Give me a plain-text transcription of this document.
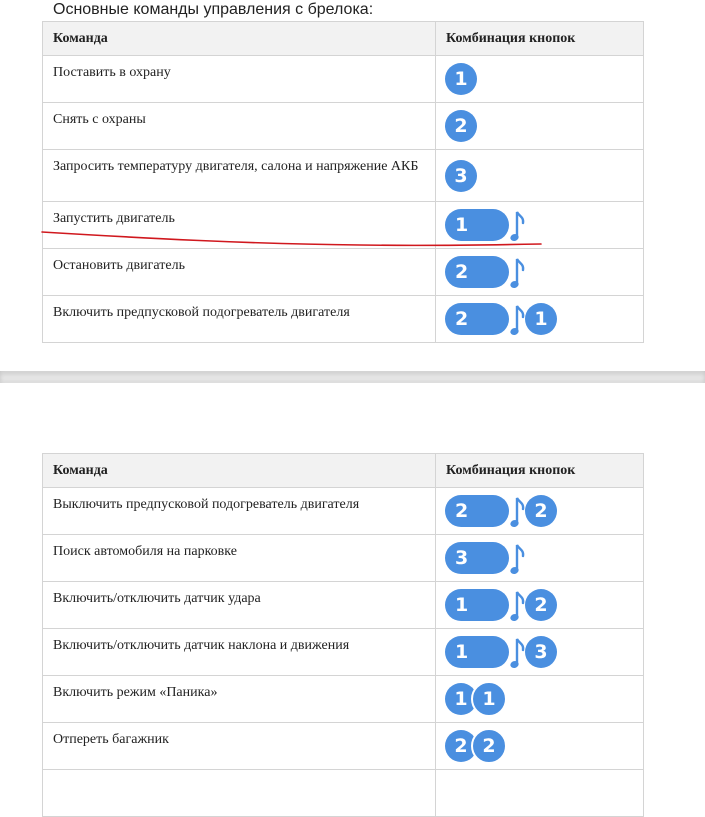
Основные команды управления с брелока:
Команда	Комбинация кнопок
Поставить в охрану	1

Снять с охраны	2

Запросить температуру двигателя, салона и напряжение АКБ	3

Запустить двигатель	1

Остановить двигатель	2

Включить предпусковой подогреватель двигателя	2 1
Команда	Комбинация кнопок
Выключить предпусковой подогреватель двигателя	2 2

Поиск автомобиля на парковке	3

Включить/отключить датчик удара	1 2

Включить/отключить датчик наклона и движения	1 3

Включить режим «Паника»	1 1

Отпереть багажник	2 2
